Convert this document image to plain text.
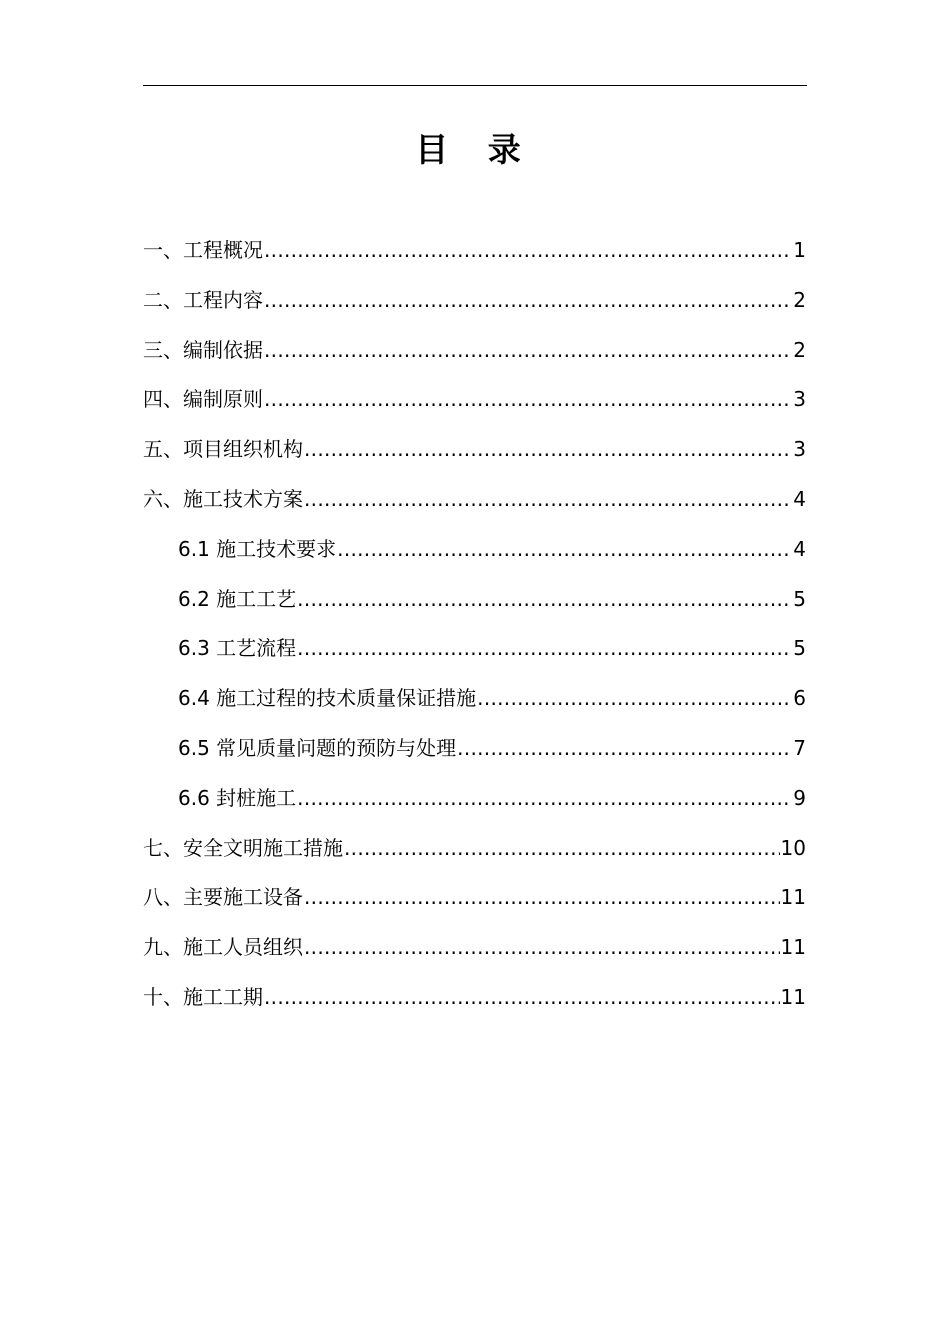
目 录
一、工程概况 .....	1
二、工程内容 .....	2
三、编制依据 .....	2
四、编制原则 .....	3
五、项目组织机构 .....	3
六、施工技术方案 .....	4
6.1 施工技术要求 .....	4
6.2 施工工艺 .....	5
6.3 工艺流程 .....	5
6.4 施工过程的技术质量保证措施 .....	6
6.5 常见质量问题的预防与处理 .....	7
6.6 封桩施工 .....	9
七、安全文明施工措施 .....	10
八、主要施工设备 .....	11
九、施工人员组织 .....	11
十、施工工期 .....	11
